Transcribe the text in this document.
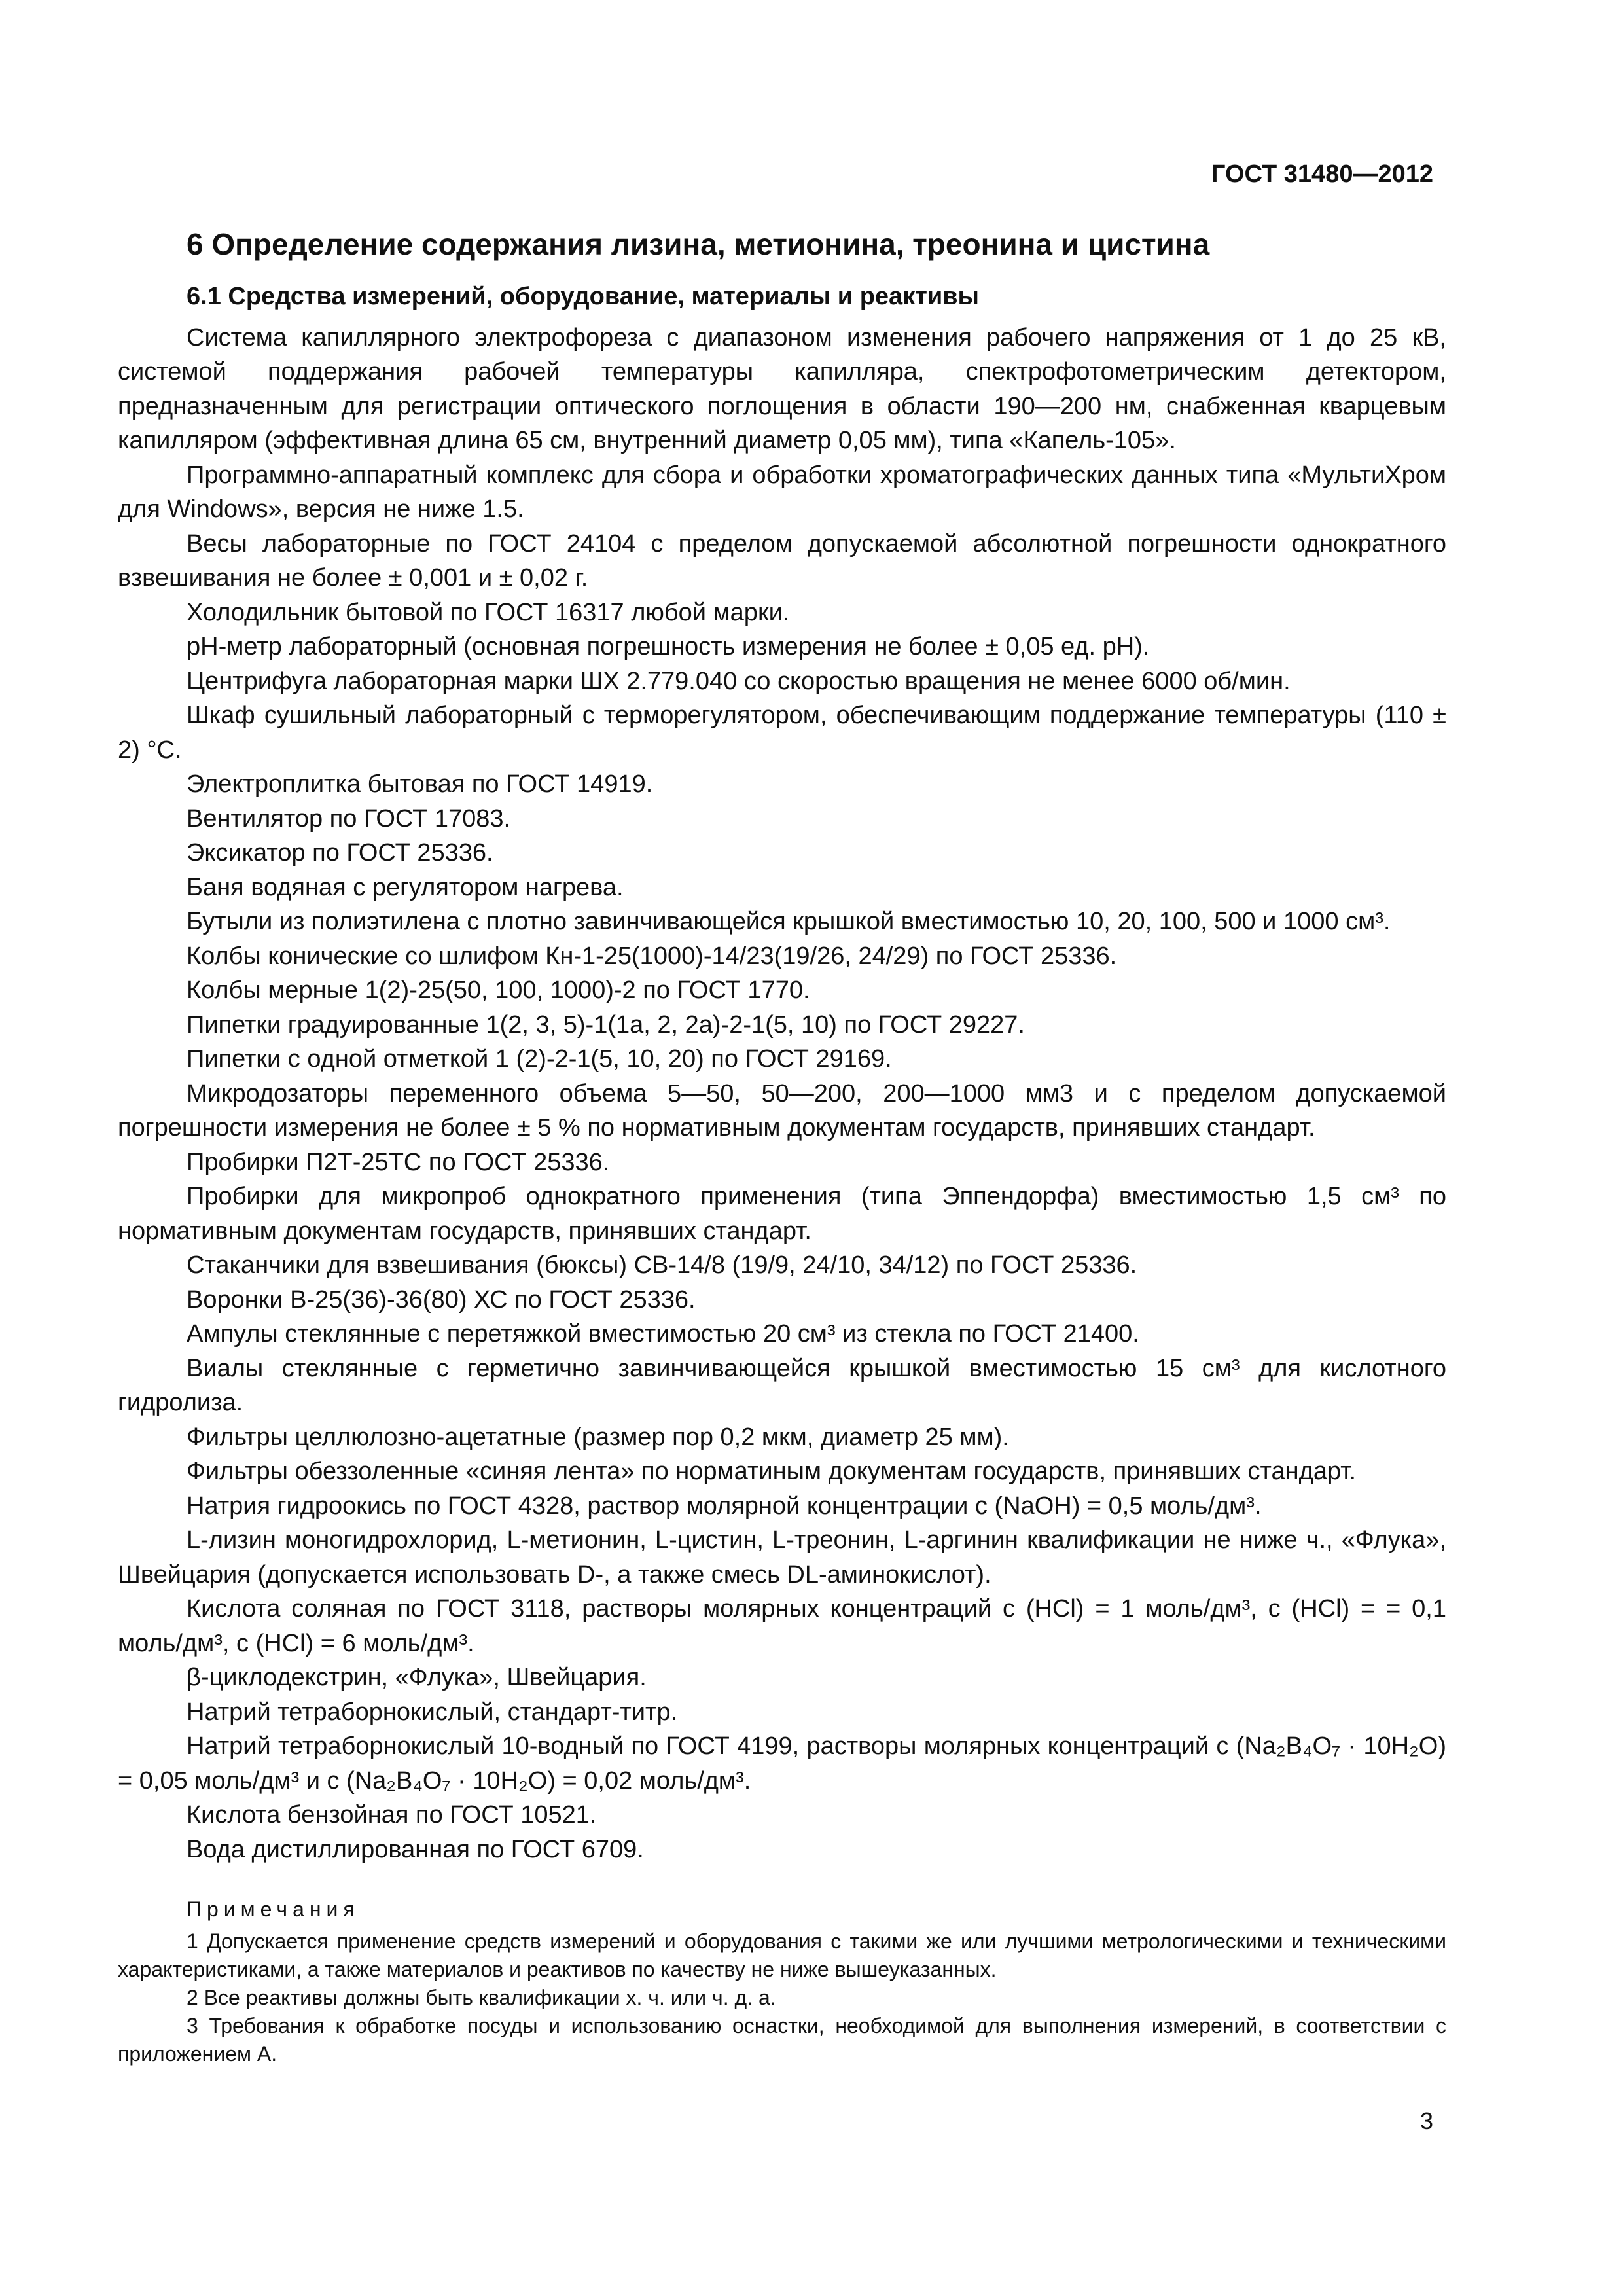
ГОСТ 31480—2012
6 Определение содержания лизина, метионина, треонина и цистина
6.1 Средства измерений, оборудование, материалы и реактивы

Система капиллярного электрофореза с диапазоном изменения рабочего напряжения от 1 до 25 кВ, системой поддержания рабочей температуры капилляра, спектрофотометрическим детектором, предназначенным для регистрации оптического поглощения в области 190—200 нм, снабженная кварцевым капилляром (эффективная длина 65 см, внутренний диаметр 0,05 мм), типа «Капель-105».

Программно-аппаратный комплекс для сбора и обработки хроматографических данных типа «МультиХром для Windows», версия не ниже 1.5.

Весы лабораторные по ГОСТ 24104 с пределом допускаемой абсолютной погрешности однократного взвешивания не более ± 0,001 и ± 0,02 г.

Холодильник бытовой по ГОСТ 16317 любой марки.

pH-метр лабораторный (основная погрешность измерения не более ± 0,05 ед. pH).

Центрифуга лабораторная марки ШХ 2.779.040 со скоростью вращения не менее 6000 об/мин.

Шкаф сушильный лабораторный с терморегулятором, обеспечивающим поддержание температуры (110 ± 2) °С.

Электроплитка бытовая по ГОСТ 14919.

Вентилятор по ГОСТ 17083.

Эксикатор по ГОСТ 25336.

Баня водяная с регулятором нагрева.

Бутыли из полиэтилена с плотно завинчивающейся крышкой вместимостью 10, 20, 100, 500 и 1000 см³.

Колбы конические со шлифом Кн-1-25(1000)-14/23(19/26, 24/29) по ГОСТ 25336.

Колбы мерные 1(2)-25(50, 100, 1000)-2 по ГОСТ 1770.

Пипетки градуированные 1(2, 3, 5)-1(1а, 2, 2а)-2-1(5, 10) по ГОСТ 29227.

Пипетки с одной отметкой 1 (2)-2-1(5, 10, 20) по ГОСТ 29169.

Микродозаторы переменного объема 5—50, 50—200, 200—1000 мм3 и с пределом допускаемой погрешности измерения не более ± 5 % по нормативным документам государств, принявших стандарт.

Пробирки П2Т-25ТС по ГОСТ 25336.

Пробирки для микропроб однократного применения (типа Эппендорфа) вместимостью 1,5 см³ по нормативным документам государств, принявших стандарт.

Стаканчики для взвешивания (бюксы) СВ-14/8 (19/9, 24/10, 34/12) по ГОСТ 25336.

Воронки В-25(36)-36(80) ХС по ГОСТ 25336.

Ампулы стеклянные с перетяжкой вместимостью 20 см³ из стекла по ГОСТ 21400.

Виалы стеклянные с герметично завинчивающейся крышкой вместимостью 15 см³ для кислотного гидролиза.

Фильтры целлюлозно-ацетатные (размер пор 0,2 мкм, диаметр 25 мм).

Фильтры обеззоленные «синяя лента» по норматиным документам государств, принявших стандарт.

Натрия гидроокись по ГОСТ 4328, раствор молярной концентрации с (NaOH) = 0,5 моль/дм³.

L-лизин моногидрохлорид, L-метионин, L-цистин, L-треонин, L-аргинин квалификации не ниже ч., «Флука», Швейцария (допускается использовать D-, а также смесь DL-аминокислот).

Кислота соляная по ГОСТ 3118, растворы молярных концентраций с (HCl) = 1 моль/дм³, с (HCl) = = 0,1 моль/дм³, с (HCl) = 6 моль/дм³.

β-циклодекстрин, «Флука», Швейцария.

Натрий тетраборнокислый, стандарт-титр.

Натрий тетраборнокислый 10-водный по ГОСТ 4199, растворы молярных концентраций с (Na₂B₄O₇ · 10H₂O) = 0,05 моль/дм³ и с (Na₂B₄O₇ · 10H₂O) = 0,02 моль/дм³.

Кислота бензойная по ГОСТ 10521.

Вода дистиллированная по ГОСТ 6709.

Примечания

1 Допускается применение средств измерений и оборудования с такими же или лучшими метрологическими и техническими характеристиками, а также материалов и реактивов по качеству не ниже вышеуказанных.

2 Все реактивы должны быть квалификации х. ч. или ч. д. а.

3 Требования к обработке посуды и использованию оснастки, необходимой для выполнения измерений, в соответствии с приложением А.

3
